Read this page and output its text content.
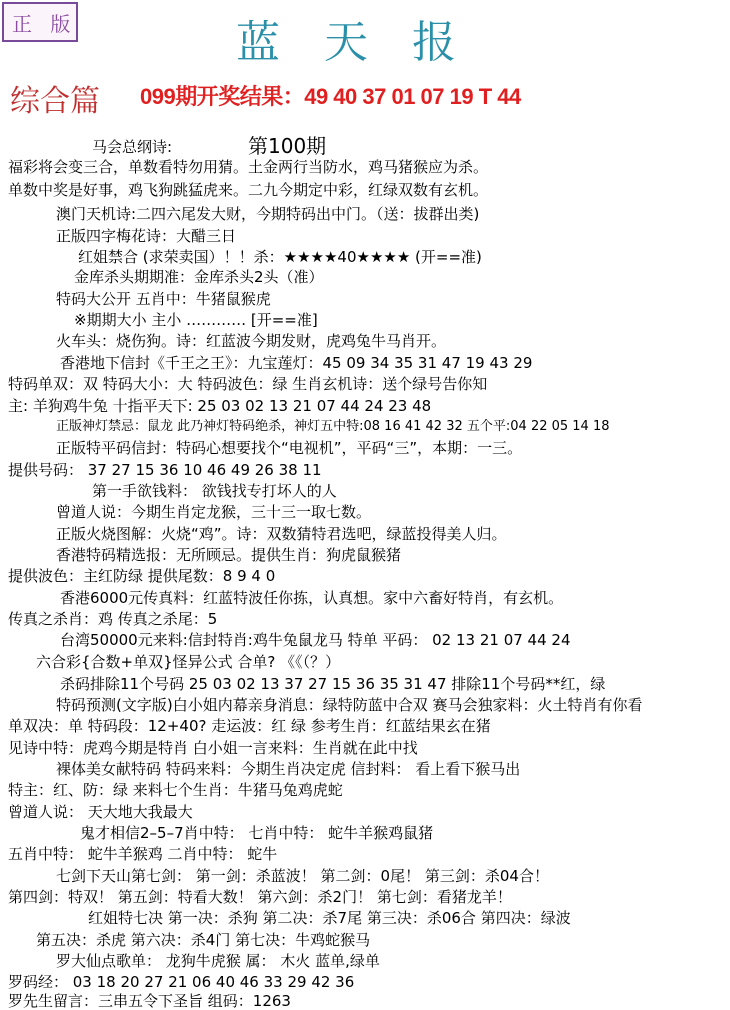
正 版	蓝天报
综合篇 099期开奖结果：49 40 37 01 07 19 T 44
第100期
马会总纲诗:
福彩将会变三合，单数看特勿用猜。土金两行当防水，鸡马猪猴应为杀。
单数中奖是好事，鸡飞狗跳猛虎来。二九今期定中彩，红绿双数有玄机。
澳门天机诗:二四六尾发大财，今期特码出中门。（送：拔群出类)
正版四字梅花诗：大醋三日
红姐禁合 (求荣卖国）！！杀：★★★★40★★★★ (开==准)
金库杀头期期准：金库杀头2头（准）
特码大公开 五肖中：牛猪鼠猴虎
※期期大小 主小 ………… [开==准]
火车头：烧伤狗。诗：红蓝波今期发财，虎鸡兔牛马肖开。
香港地下信封《千王之王》：九宝莲灯：45 09 34 35 31 47 19 43 29
特码单双：双 特码大小：大 特码波色：绿 生肖玄机诗：送个绿号告你知
主: 羊狗鸡牛兔 十指平天下: 25 03 02 13 21 07 44 24 23 48
正版神灯禁忌：鼠龙 此乃神灯特码绝杀，神灯五中特:08 16 41 42 32 五个平:04 22 05 14 18
正版特平码信封：特码心想要找个“电视机”，平码“三”，本期：一三。
提供号码： 37 27 15 36 10 46 49 26 38 11
第一手欲钱料： 欲钱找专打坏人的人
曾道人说：今期生肖定龙猴，三十三一取七数。
正版火烧图解：火烧“鸡”。诗：双数猜特君选吧，绿蓝投得美人归。
香港特码精选报：无所顾忌。提供生肖：狗虎鼠猴猪
提供波色：主红防绿 提供尾数：8 9 4 0
香港6000元传真料：红蓝特波任你拣，认真想。家中六畜好特肖，有玄机。
传真之杀肖：鸡 传真之杀尾：5
台湾50000元来料:信封特肖:鸡牛兔鼠龙马 特单 平码： 02 13 21 07 44 24
六合彩{合数+单双}怪异公式 合单? 《《（？）
杀码排除11个号码 25 03 02 13 37 27 15 36 35 31 47 排除11个号码**红，绿
特码预测(文字版)白小姐内幕亲身消息：绿特防蓝中合双 赛马会独家料：火土特肖有你看
单双决：单 特码段：12+40? 走运波：红 绿 参考生肖：红蓝结果玄在猪
见诗中特：虎鸡今期是特肖 白小姐一言来料：生肖就在此中找
裸体美女献特码 特码来料：今期生肖决定虎 信封料： 看上看下猴马出
特主：红、防：绿 来料七个生肖：牛猪马兔鸡虎蛇
曾道人说： 天大地大我最大
鬼才相信2–5–7肖中特： 七肖中特： 蛇牛羊猴鸡鼠猪
五肖中特： 蛇牛羊猴鸡 二肖中特： 蛇牛
七剑下天山第七剑： 第一剑：杀蓝波！ 第二剑：0尾！ 第三剑：杀04合！
第四剑：特双！ 第五剑：特看大数！ 第六剑：杀2门！ 第七剑：看猪龙羊！
红姐特七决 第一决：杀狗 第二决：杀7尾 第三决：杀06合 第四决：绿波
第五决：杀虎 第六决：杀4门 第七决：牛鸡蛇猴马
罗大仙点歌单： 龙狗牛虎猴 属： 木火 蓝单,绿单
罗码经： 03 18 20 27 21 06 40 46 33 29 42 36
罗先生留言：三串五令下圣旨 组码：1263
